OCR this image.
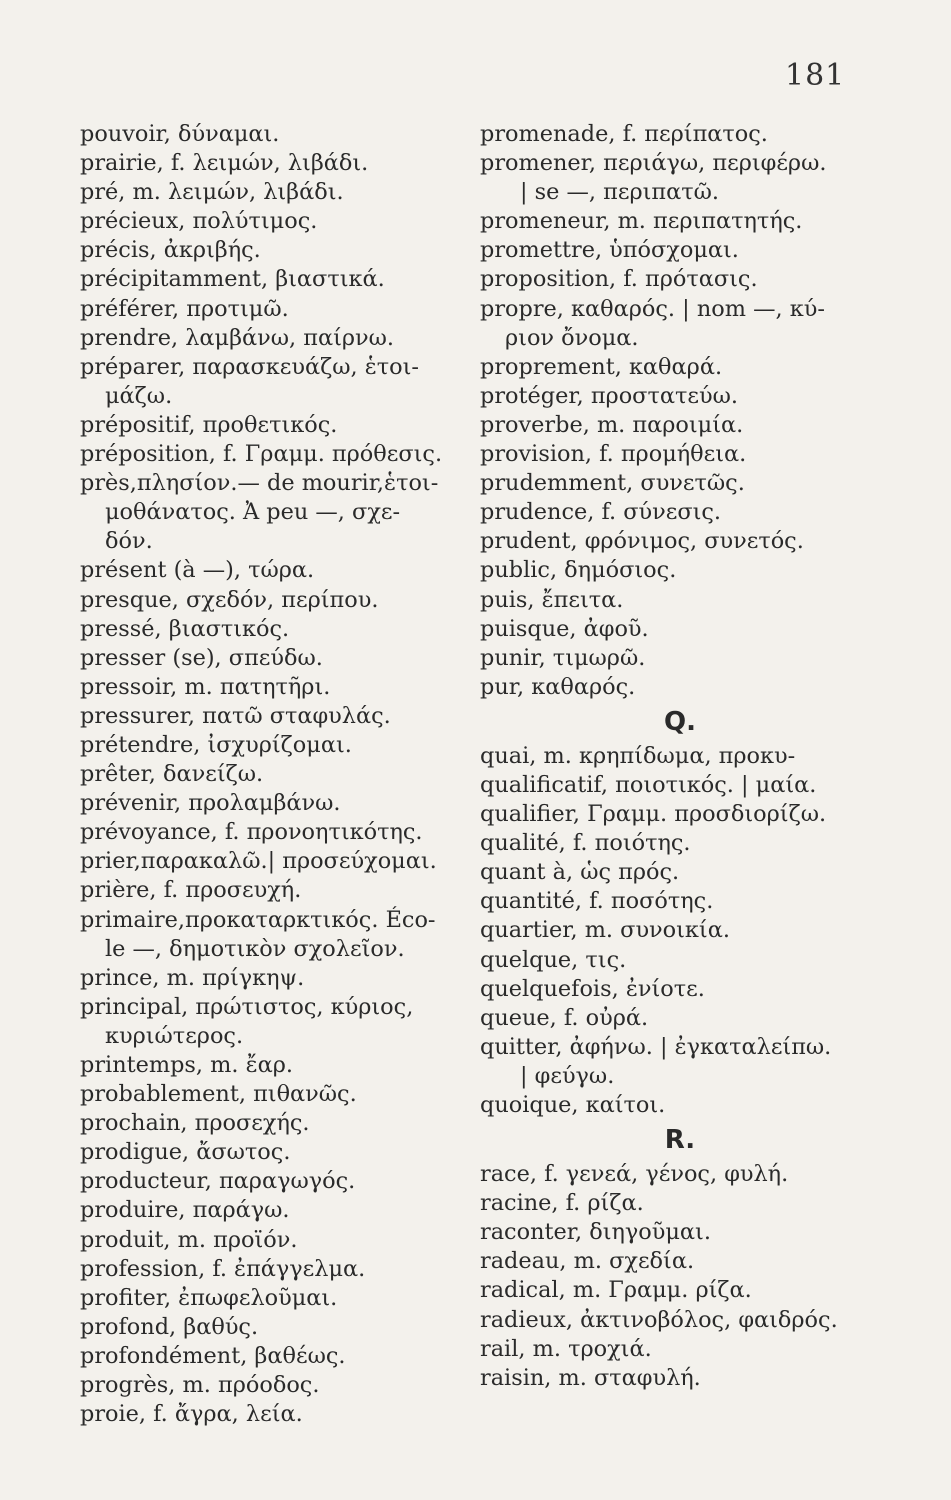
181
pouvoir, δύναμαι.
prairie, f. λειμών, λιβάδι.
pré, m. λειμών, λιβάδι.
précieux, πολύτιμος.
précis, ἀκριβής.
précipitamment, βιαστικά.
préférer, προτιμῶ.
prendre, λαμβάνω, παίρνω.
préparer, παρασκευάζω, ἑτοι-
μάζω.
prépositif, προθετικός.
préposition, f. Γραμμ. πρόθεσις.
près,πλησίον.— de mourir,ἑτοι-
μοθάνατος. Ἀ peu —, σχε-
δόν.
présent (à —), τώρα.
presque, σχεδόν, περίπου.
pressé, βιαστικός.
presser (se), σπεύδω.
pressoir, m. πατητῆρι.
pressurer, πατῶ σταφυλάς.
prétendre, ἰσχυρίζομαι.
prêter, δανείζω.
prévenir, προλαμβάνω.
prévoyance, f. προνοητικότης.
prier,παρακαλῶ.| προσεύχομαι.
prière, f. προσευχή.
primaire,προκαταρκτικός. Éco-
le —, δημοτικὸν σχολεῖον.
prince, m. πρίγκηψ.
principal, πρώτιστος, κύριος,
κυριώτερος.
printemps, m. ἔαρ.
probablement, πιθανῶς.
prochain, προσεχής.
prodigue, ἄσωτος.
producteur, παραγωγός.
produire, παράγω.
produit, m. προϊόν.
profession, f. ἐπάγγελμα.
profiter, ἐπωφελοῦμαι.
profond, βαθύς.
profondément, βαθέως.
progrès, m. πρόοδος.
proie, f. ἄγρα, λεία.
promenade, f. περίπατος.
promener, περιάγω, περιφέρω.
| se —, περιπατῶ.
promeneur, m. περιπατητής.
promettre, ὑπόσχομαι.
proposition, f. πρότασις.
propre, καθαρός. | nom —, κύ-
ριον ὄνομα.
proprement, καθαρά.
protéger, προστατεύω.
proverbe, m. παροιμία.
provision, f. προμήθεια.
prudemment, συνετῶς.
prudence, f. σύνεσις.
prudent, φρόνιμος, συνετός.
public, δημόσιος.
puis, ἔπειτα.
puisque, ἀφοῦ.
punir, τιμωρῶ.
pur, καθαρός.
Q.
quai, m. κρηπίδωμα, προκυ-
qualificatif, ποιοτικός. | μαία.
qualifier, Γραμμ. προσδιορίζω.
qualité, f. ποιότης.
quant à, ὡς πρός.
quantité, f. ποσότης.
quartier, m. συνοικία.
quelque, τις.
quelquefois, ἐνίοτε.
queue, f. οὐρά.
quitter, ἀφήνω. | ἐγκαταλείπω.
| φεύγω.
quoique, καίτοι.
R.
race, f. γενεά, γένος, φυλή.
racine, f. ρίζα.
raconter, διηγοῦμαι.
radeau, m. σχεδία.
radical, m. Γραμμ. ρίζα.
radieux, ἀκτινοβόλος, φαιδρός.
rail, m. τροχιά.
raisin, m. σταφυλή.
